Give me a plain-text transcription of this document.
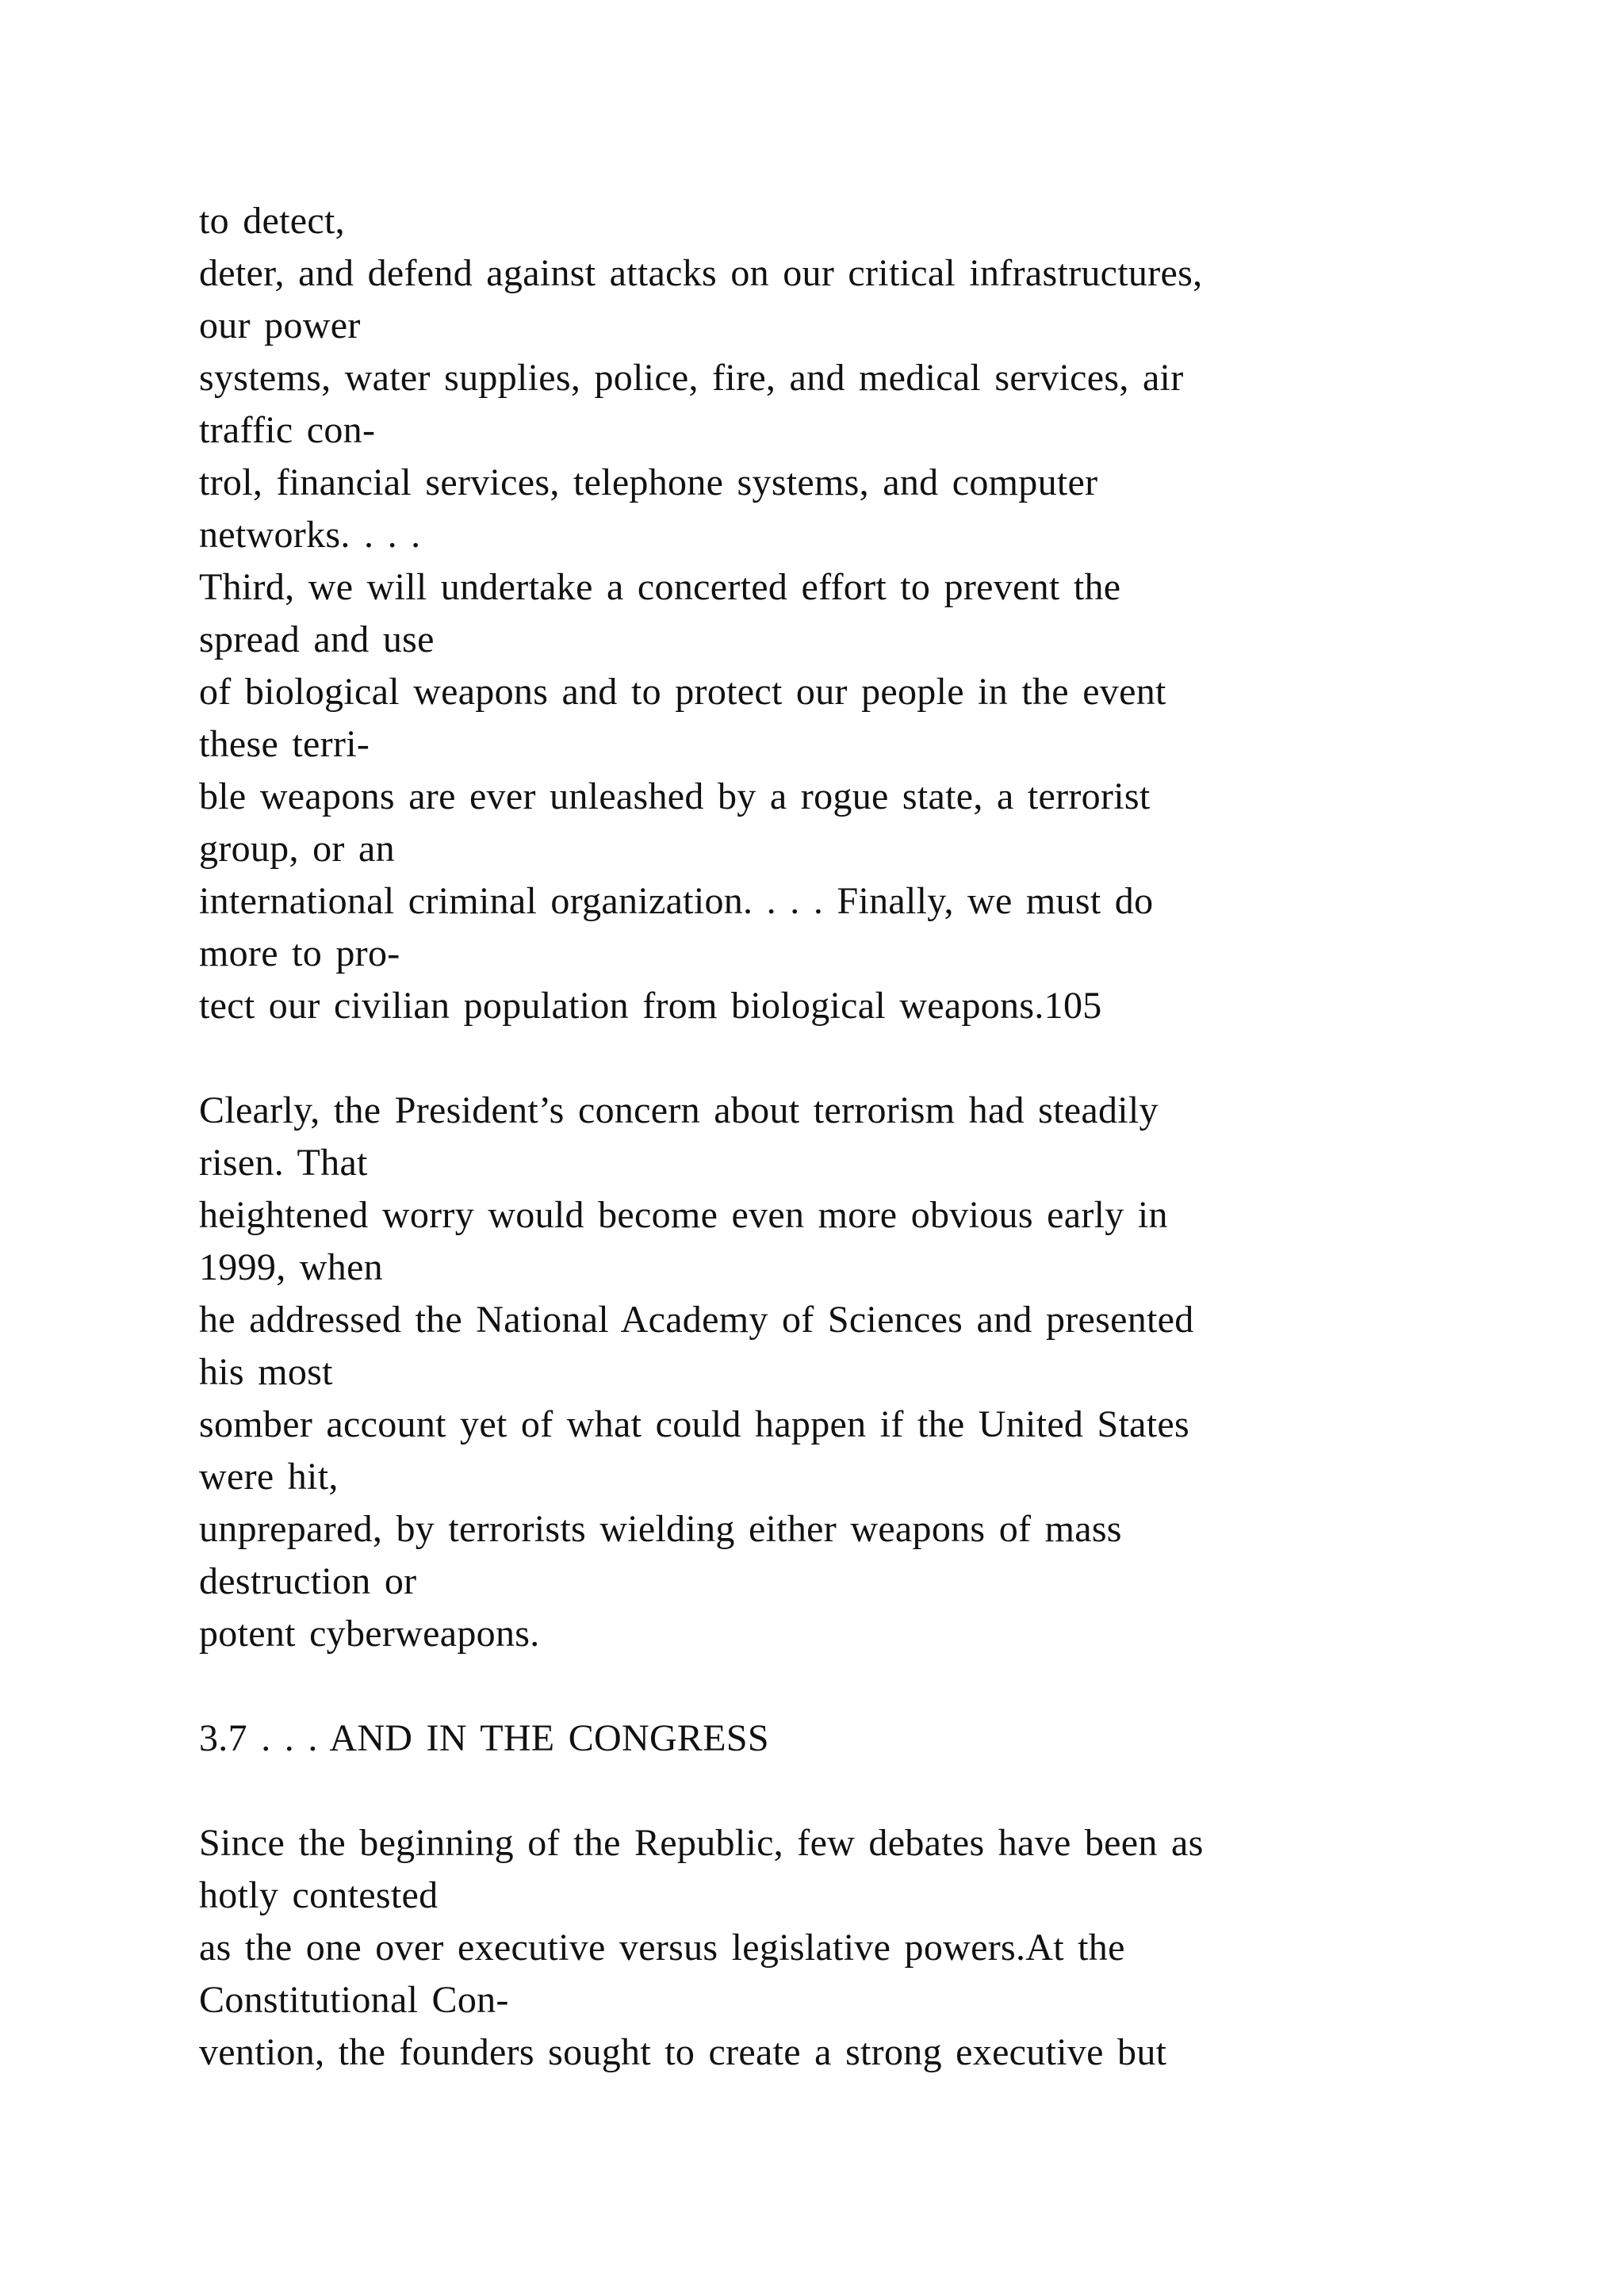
to detect,
deter, and defend against attacks on our critical infrastructures,
our power
systems, water supplies, police, fire, and medical services, air
traffic con-
trol, financial services, telephone systems, and computer
networks. . . .
Third, we will undertake a concerted effort to prevent the
spread and use
of biological weapons and to protect our people in the event
these terri-
ble weapons are ever unleashed by a rogue state, a terrorist
group, or an
international criminal organization. . . . Finally, we must do
more to pro-
tect our civilian population from biological weapons.105
Clearly, the President’s concern about terrorism had steadily
risen. That
heightened worry would become even more obvious early in
1999, when
he addressed the National Academy of Sciences and presented
his most
somber account yet of what could happen if the United States
were hit,
unprepared, by terrorists wielding either weapons of mass
destruction or
potent cyberweapons.
3.7 . . . AND IN THE CONGRESS
Since the beginning of the Republic, few debates have been as
hotly contested
as the one over executive versus legislative powers.At the
Constitutional Con-
vention, the founders sought to create a strong executive but
